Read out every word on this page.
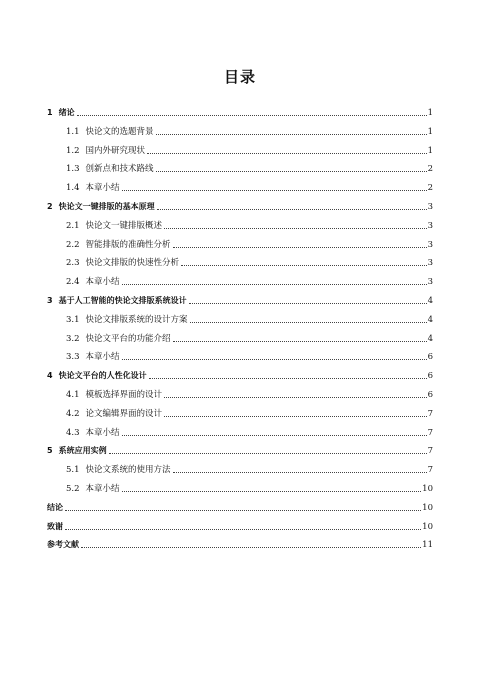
目录
1 绪论	1
1.1 快论文的选题背景	1
1.2 国内外研究现状	1
1.3 创新点和技术路线	2
1.4 本章小结	2
2 快论文一键排版的基本原理	3
2.1 快论文一键排版概述	3
2.2 智能排版的准确性分析	3
2.3 快论文排版的快速性分析	3
2.4 本章小结	3
3 基于人工智能的快论文排版系统设计	4
3.1 快论文排版系统的设计方案	4
3.2 快论文平台的功能介绍	4
3.3 本章小结	6
4 快论文平台的人性化设计	6
4.1 模板选择界面的设计	6
4.2 论文编辑界面的设计	7
4.3 本章小结	7
5 系统应用实例	7
5.1 快论文系统的使用方法	7
5.2 本章小结	10
结论	10
致谢	10
参考文献	11
